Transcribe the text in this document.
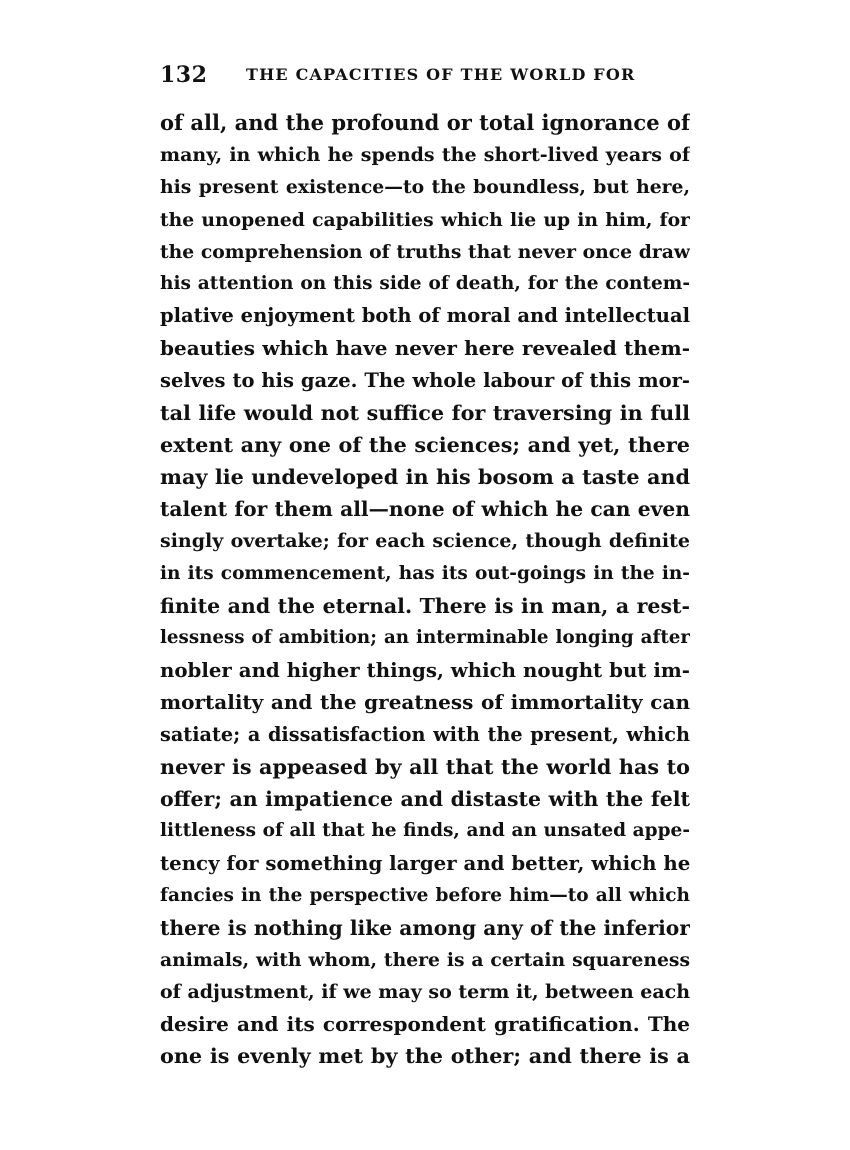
132 THE CAPACITIES OF THE WORLD FOR
of all, and the profound or total ignorance of
many, in which he spends the short-lived years of
his present existence—to the boundless, but here,
the unopened capabilities which lie up in him, for
the comprehension of truths that never once draw
his attention on this side of death, for the contem-
plative enjoyment both of moral and intellectual
beauties which have never here revealed them-
selves to his gaze. The whole labour of this mor-
tal life would not suffice for traversing in full
extent any one of the sciences; and yet, there
may lie undeveloped in his bosom a taste and
talent for them all—none of which he can even
singly overtake; for each science, though definite
in its commencement, has its out-goings in the in-
finite and the eternal. There is in man, a rest-
lessness of ambition; an interminable longing after
nobler and higher things, which nought but im-
mortality and the greatness of immortality can
satiate; a dissatisfaction with the present, which
never is appeased by all that the world has to
offer; an impatience and distaste with the felt
littleness of all that he finds, and an unsated appe-
tency for something larger and better, which he
fancies in the perspective before him—to all which
there is nothing like among any of the inferior
animals, with whom, there is a certain squareness
of adjustment, if we may so term it, between each
desire and its correspondent gratification. The
one is evenly met by the other; and there is a
